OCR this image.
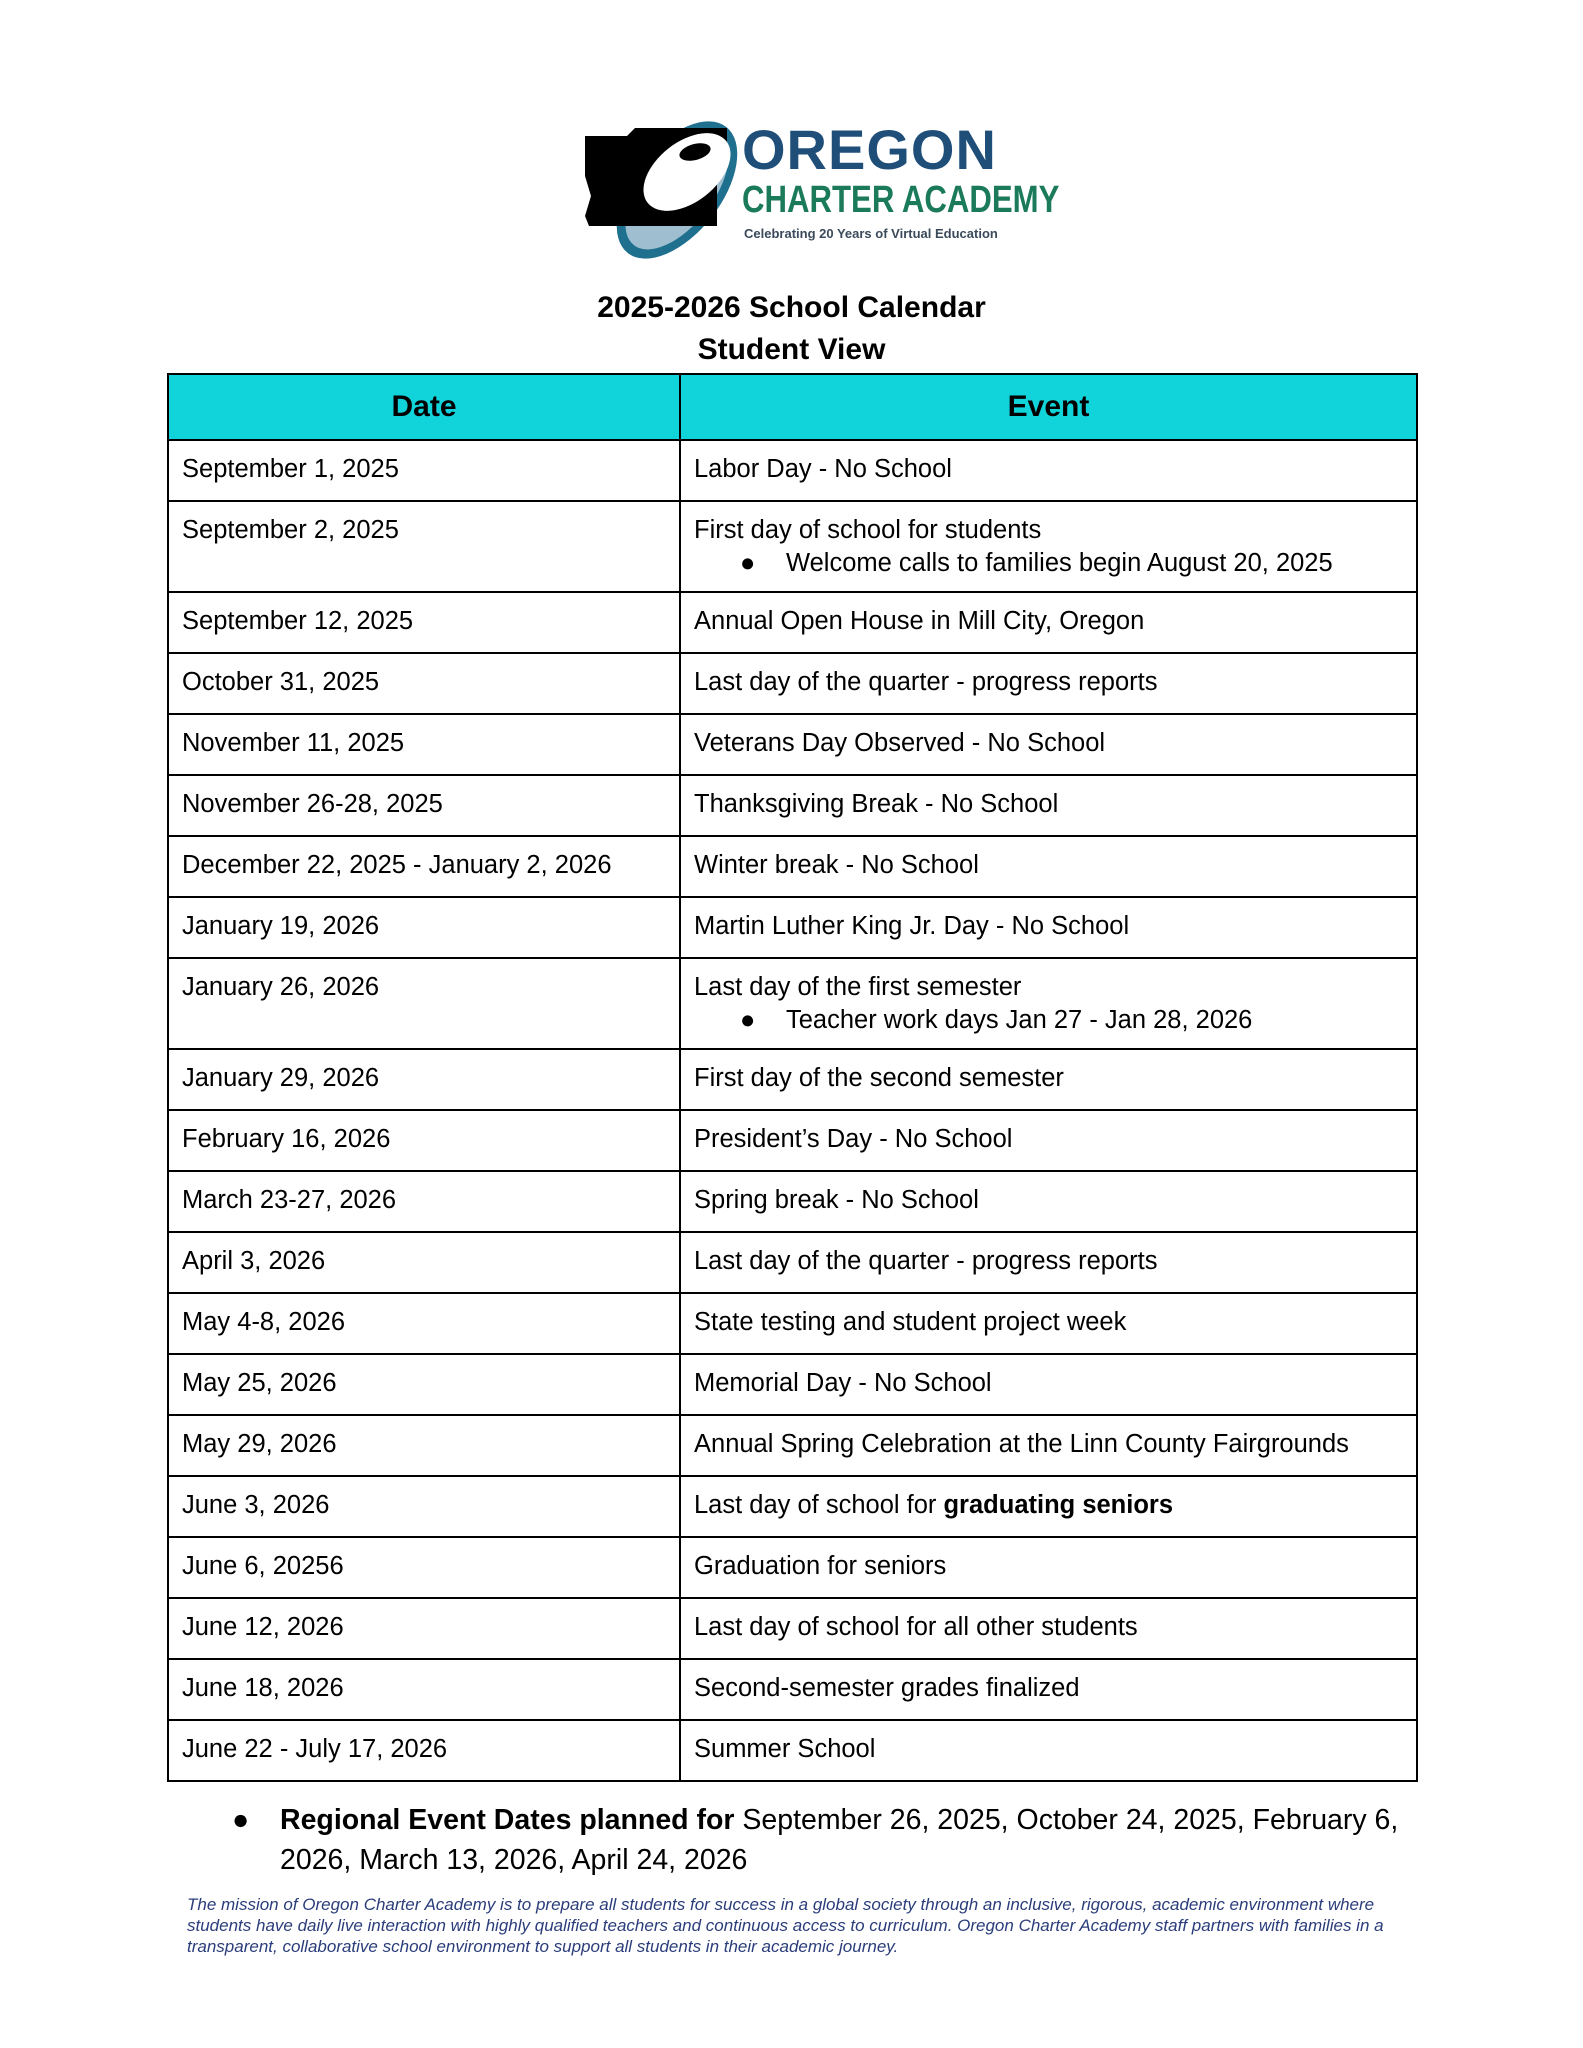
OREGON
CHARTER ACADEMY
Celebrating 20 Years of Virtual Education
2025-2026 School Calendar
Student View
Date	Event
September 1, 2025	Labor Day - No School
September 2, 2025	First day of school for students
● Welcome calls to families begin August 20, 2025

September 12, 2025	Annual Open House in Mill City, Oregon
October 31, 2025	Last day of the quarter - progress reports
November 11, 2025	Veterans Day Observed - No School
November 26-28, 2025	Thanksgiving Break - No School
December 22, 2025 - January 2, 2026	Winter break - No School
January 19, 2026	Martin Luther King Jr. Day - No School
January 26, 2026	Last day of the first semester
● Teacher work days Jan 27 - Jan 28, 2026

January 29, 2026	First day of the second semester
February 16, 2026	President’s Day - No School
March 23-27, 2026	Spring break - No School
April 3, 2026	Last day of the quarter - progress reports
May 4-8, 2026	State testing and student project week
May 25, 2026	Memorial Day - No School
May 29, 2026	Annual Spring Celebration at the Linn County Fairgrounds
June 3, 2026	Last day of school for graduating seniors
June 6, 20256	Graduation for seniors
June 12, 2026	Last day of school for all other students
June 18, 2026	Second-semester grades finalized
June 22 - July 17, 2026	Summer School
●	Regional Event Dates planned for September 26, 2025, October 24, 2025, February 6, 2026, March 13, 2026, April 24, 2026
The mission of Oregon Charter Academy is to prepare all students for success in a global society through an inclusive, rigorous, academic environment where students have daily live interaction with highly qualified teachers and continuous access to curriculum. Oregon Charter Academy staff partners with families in a transparent, collaborative school environment to support all students in their academic journey.
